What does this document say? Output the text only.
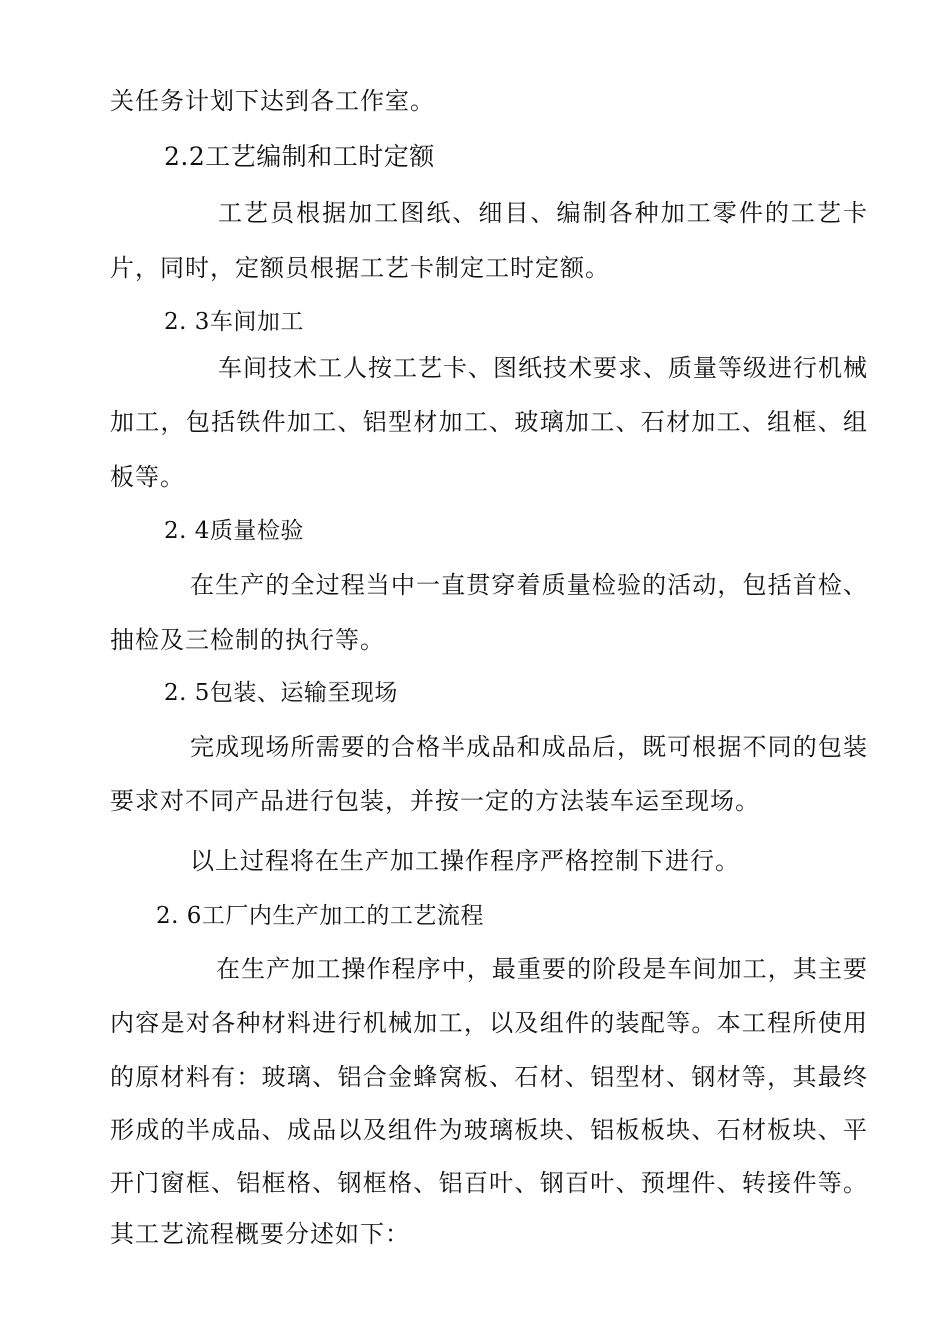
关任务计划下达到各工作室。
2.2工艺编制和工时定额
工艺员根据加工图纸、细目、编制各种加工零件的工艺卡
片，同时，定额员根据工艺卡制定工时定额。
2. 3车间加工
车间技术工人按工艺卡、图纸技术要求、质量等级进行机械
加工，包括铁件加工、铝型材加工、玻璃加工、石材加工、组框、组
板等。
2. 4质量检验
在生产的全过程当中一直贯穿着质量检验的活动，包括首检、
抽检及三检制的执行等。
2. 5包装、运输至现场
完成现场所需要的合格半成品和成品后，既可根据不同的包装
要求对不同产品进行包装，并按一定的方法装车运至现场。
以上过程将在生产加工操作程序严格控制下进行。
2. 6工厂内生产加工的工艺流程
在生产加工操作程序中，最重要的阶段是车间加工，其主要
内容是对各种材料进行机械加工，以及组件的装配等。本工程所使用
的原材料有：玻璃、铝合金蜂窝板、石材、铝型材、钢材等，其最终
形成的半成品、成品以及组件为玻璃板块、铝板板块、石材板块、平
开门窗框、铝框格、钢框格、铝百叶、钢百叶、预埋件、转接件等。
其工艺流程概要分述如下：
